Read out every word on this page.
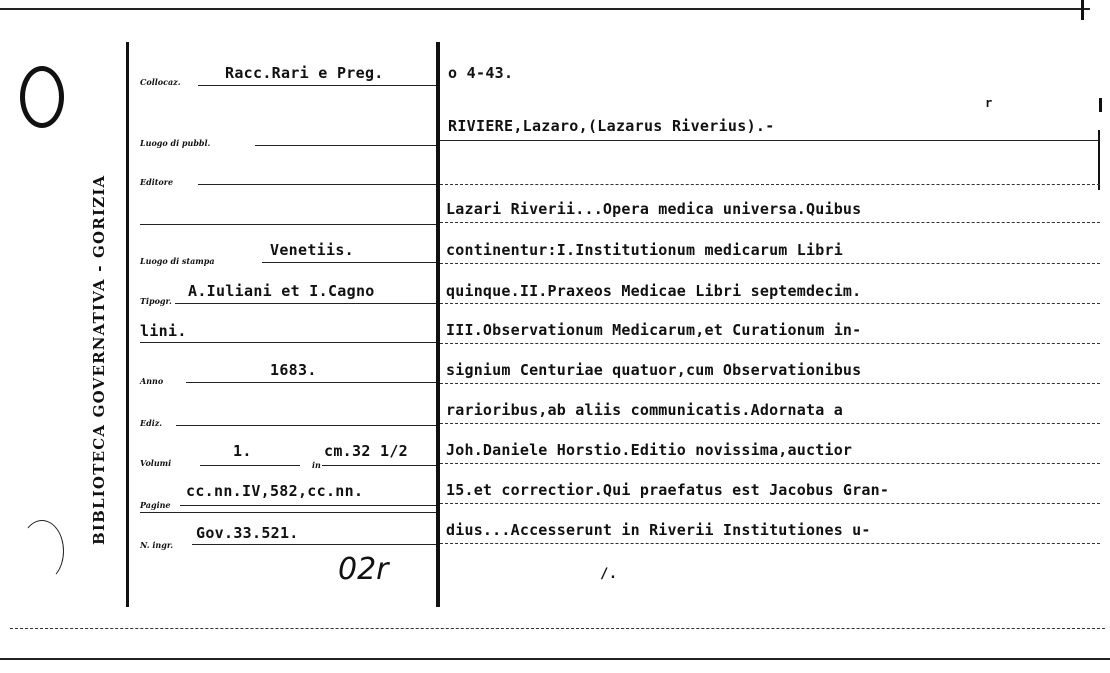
BIBLIOTECA GOVERNATIVA - GORIZIA
Collocaz.	Racc.Rari e Preg.	o 4-43.
Luogo di pubbl.
Editore
Luogo di stampa
Venetiis.
Tipogr.
A.Iuliani et I.Cagno
lini.
Anno
1683.
Ediz.
Volumi
1.
in
cm.32 1/2
Pagine
cc.nn.IV,582,cc.nn.
N. ingr.
Gov.33.521.
02r
RIVIERE,Lazaro,(Lazarus Riverius).-
r
Lazari Riverii...Opera medica universa.Quibus
continentur:I.Institutionum medicarum Libri
quinque.II.Praxeos Medicae Libri septemdecim.
III.Observationum Medicarum,et Curationum in-
signium Centuriae quatuor,cum Observationibus
rarioribus,ab aliis communicatis.Adornata a
Joh.Daniele Horstio.Editio novissima,auctior
15.et correctior.Qui praefatus est Jacobus Gran-
dius...Accesserunt in Riverii Institutiones u-
/.
